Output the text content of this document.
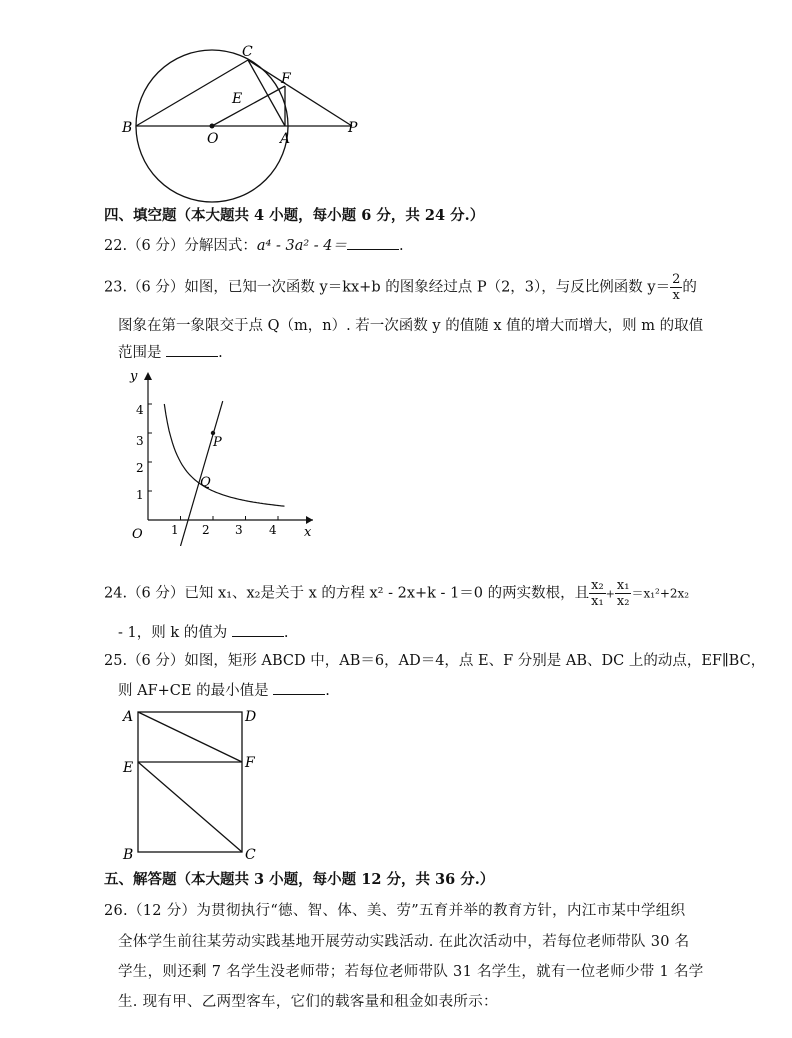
B
C
E
F
O	A
P
四、填空题（本大题共 4 小题，每小题 6 分，共 24 分.）
22.（6 分）分解因式：a⁴ - 3a² - 4＝	.
23.（6 分）如图，已知一次函数 y＝kx+b 的图象经过点 P（2，3），与反比例函数 $y= \frac{2}{x}$ 的
图象在第一象限交于点 Q（m，n）. 若一次函数 y 的值随 x 值的增大而增大，则 m 的取值
范围是	.
P
Q
y
x
O 1 2 3 4
1
2
3
4
24.（6 分）已知 x₁、x₂是关于 x 的方程 x² - 2x+k - 1＝0 的两实数根，且 $\frac{\text{x₂}}{\text{x₁}} + \frac{\text{x₁}}{\text{x₂}} =x_1^2+2x_2$
- 1，则 k 的值为	.
25.（6 分）如图，矩形 ABCD 中，AB＝6，AD＝4，点 E、F 分别是 AB、DC 上的动点，EF∥BC，
则 AF+CE 的最小值是	.
A	D
E	F
B	C
五、解答题（本大题共 3 小题，每小题 12 分，共 36 分.）
26.（12 分）为贯彻执行“德、智、体、美、劳”五育并举的教育方针，内江市某中学组织
全体学生前往某劳动实践基地开展劳动实践活动. 在此次活动中，若每位老师带队 30 名
学生，则还剩 7 名学生没老师带；若每位老师带队 31 名学生，就有一位老师少带 1 名学
生. 现有甲、乙两型客车，它们的载客量和租金如表所示：
